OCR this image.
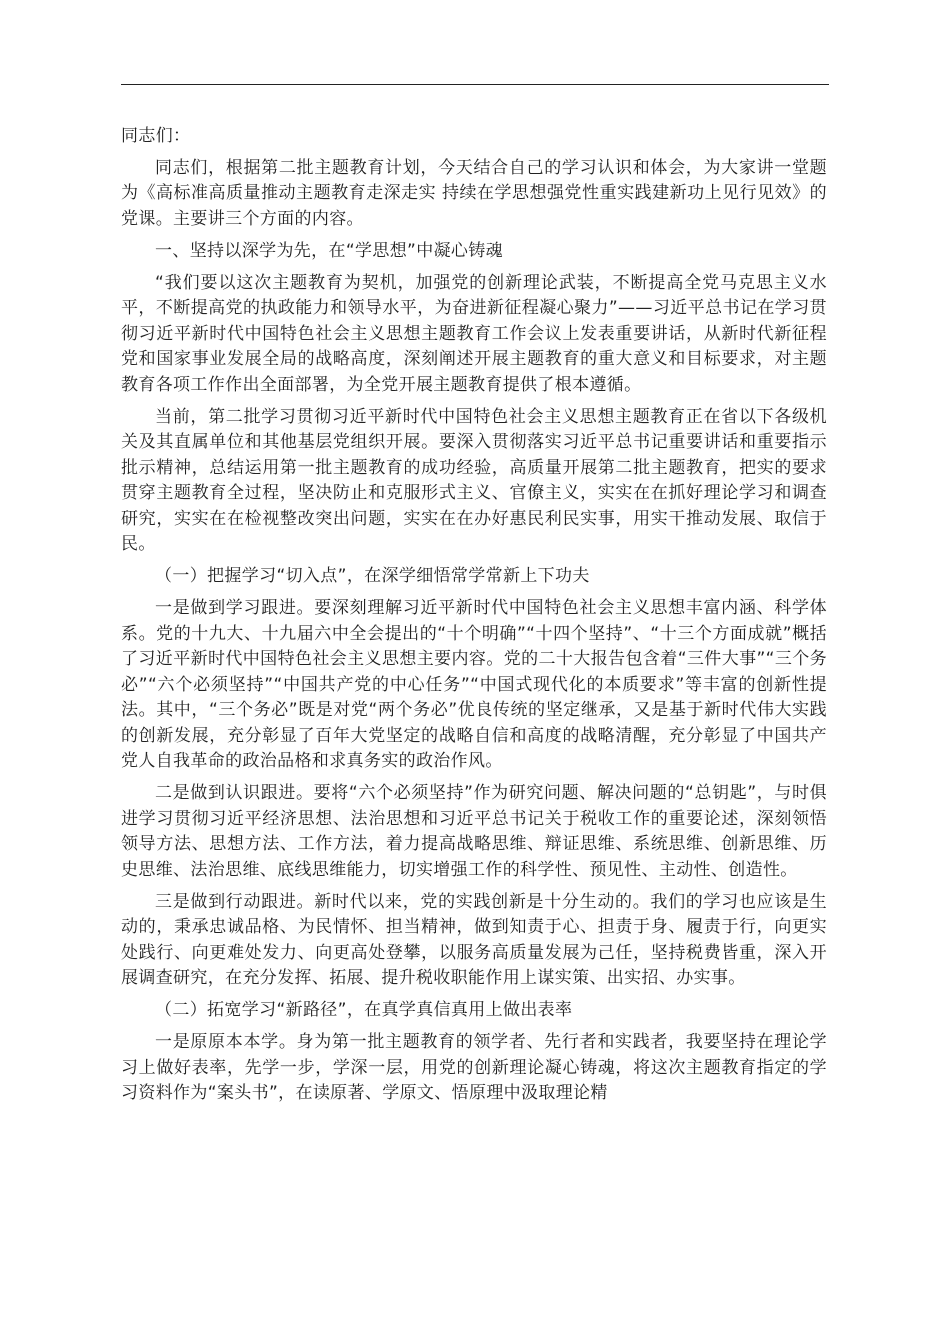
同志们：

同志们，根据第二批主题教育计划，今天结合自己的学习认识和体会，为大家讲一堂题为《高标准高质量推动主题教育走深走实 持续在学思想强党性重实践建新功上见行见效》的党课。主要讲三个方面的内容。

一、坚持以深学为先，在“学思想”中凝心铸魂

“我们要以这次主题教育为契机，加强党的创新理论武装，不断提高全党马克思主义水平，不断提高党的执政能力和领导水平，为奋进新征程凝心聚力”——习近平总书记在学习贯彻习近平新时代中国特色社会主义思想主题教育工作会议上发表重要讲话，从新时代新征程党和国家事业发展全局的战略高度，深刻阐述开展主题教育的重大意义和目标要求，对主题教育各项工作作出全面部署，为全党开展主题教育提供了根本遵循。

当前，第二批学习贯彻习近平新时代中国特色社会主义思想主题教育正在省以下各级机关及其直属单位和其他基层党组织开展。要深入贯彻落实习近平总书记重要讲话和重要指示批示精神，总结运用第一批主题教育的成功经验，高质量开展第二批主题教育，把实的要求贯穿主题教育全过程，坚决防止和克服形式主义、官僚主义，实实在在抓好理论学习和调查研究，实实在在检视整改突出问题，实实在在办好惠民利民实事，用实干推动发展、取信于民。

（一）把握学习“切入点”，在深学细悟常学常新上下功夫

一是做到学习跟进。要深刻理解习近平新时代中国特色社会主义思想丰富内涵、科学体系。党的十九大、十九届六中全会提出的“十个明确”“十四个坚持”、“十三个方面成就”概括了习近平新时代中国特色社会主义思想主要内容。党的二十大报告包含着“三件大事”“三个务必”“六个必须坚持”“中国共产党的中心任务”“中国式现代化的本质要求”等丰富的创新性提法。其中，“三个务必”既是对党“两个务必”优良传统的坚定继承，又是基于新时代伟大实践的创新发展，充分彰显了百年大党坚定的战略自信和高度的战略清醒，充分彰显了中国共产党人自我革命的政治品格和求真务实的政治作风。

二是做到认识跟进。要将“六个必须坚持”作为研究问题、解决问题的“总钥匙”，与时俱进学习贯彻习近平经济思想、法治思想和习近平总书记关于税收工作的重要论述，深刻领悟领导方法、思想方法、工作方法，着力提高战略思维、辩证思维、系统思维、创新思维、历史思维、法治思维、底线思维能力，切实增强工作的科学性、预见性、主动性、创造性。

三是做到行动跟进。新时代以来，党的实践创新是十分生动的。我们的学习也应该是生动的，秉承忠诚品格、为民情怀、担当精神，做到知责于心、担责于身、履责于行，向更实处践行、向更难处发力、向更高处登攀，以服务高质量发展为己任，坚持税费皆重，深入开展调查研究，在充分发挥、拓展、提升税收职能作用上谋实策、出实招、办实事。

（二）拓宽学习“新路径”，在真学真信真用上做出表率

一是原原本本学。身为第一批主题教育的领学者、先行者和实践者，我要坚持在理论学习上做好表率，先学一步，学深一层，用党的创新理论凝心铸魂，将这次主题教育指定的学习资料作为“案头书”，在读原著、学原文、悟原理中汲取理论精
